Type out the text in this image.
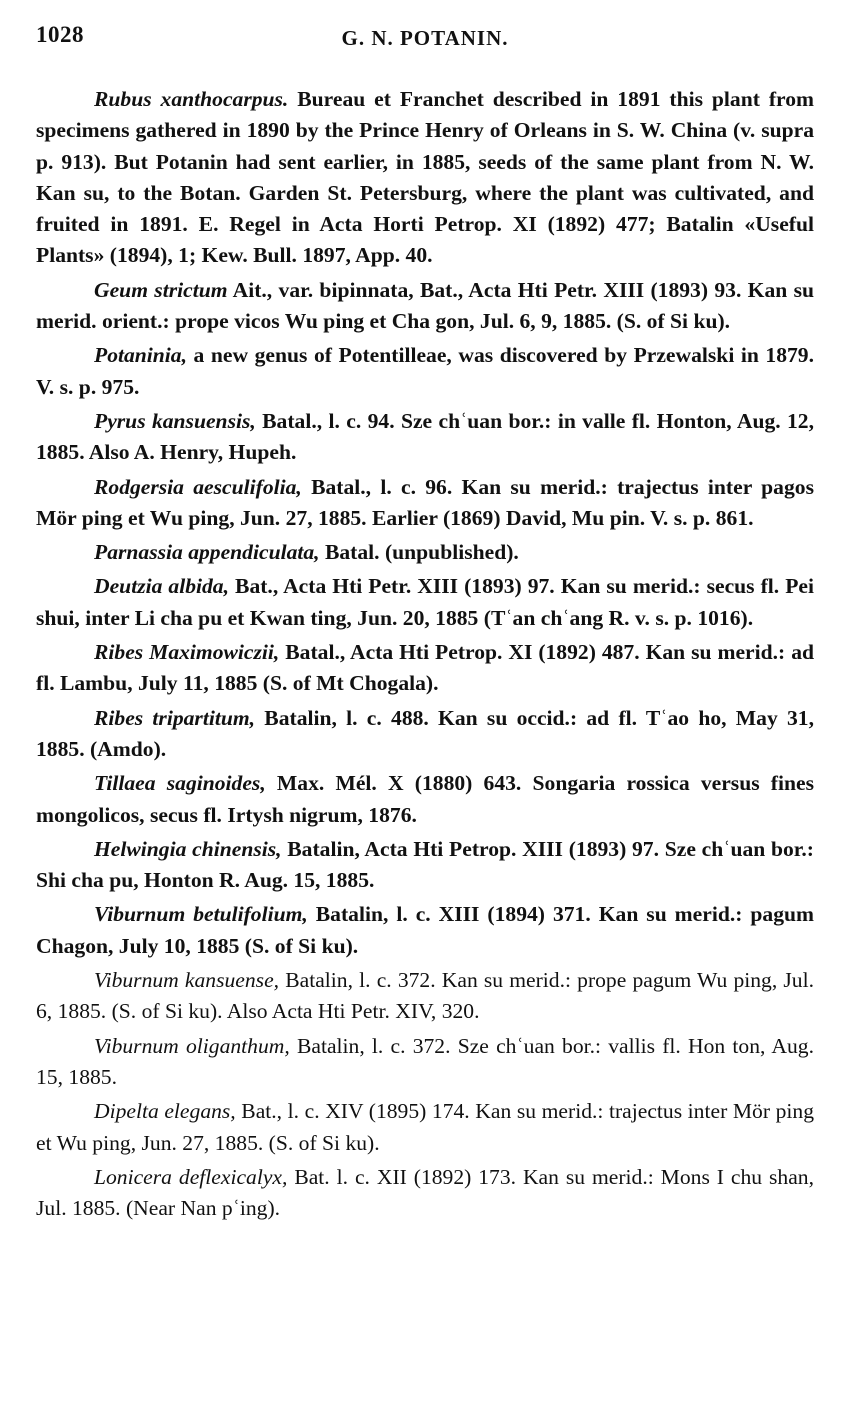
1028	G. N. POTANIN.

Rubus xanthocarpus. Bureau et Franchet described in 1891 this plant from specimens gathered in 1890 by the Prince Henry of Orleans in S. W. China (v. supra p. 913). But Potanin had sent earlier, in 1885, seeds of the same plant from N. W. Kan su, to the Botan. Garden St. Petersburg, where the plant was cultivated, and fruited in 1891. E. Regel in Acta Horti Petrop. XI (1892) 477; Batalin «Useful Plants» (1894), 1; Kew. Bull. 1897, App. 40.

Geum strictum Ait., var. bipinnata, Bat., Acta Hti Petr. XIII (1893) 93. Kan su merid. orient.: prope vicos Wu ping et Cha gon, Jul. 6, 9, 1885. (S. of Si ku).

Potaninia, a new genus of Potentilleae, was discovered by Przewalski in 1879. V. s. p. 975.

Pyrus kansuensis, Batal., l. c. 94. Sze chʿuan bor.: in valle fl. Honton, Aug. 12, 1885. Also A. Henry, Hupeh.

Rodgersia aesculifolia, Batal., l. c. 96. Kan su merid.: trajectus inter pagos Mör ping et Wu ping, Jun. 27, 1885. Earlier (1869) David, Mu pin. V. s. p. 861.

Parnassia appendiculata, Batal. (unpublished).

Deutzia albida, Bat., Acta Hti Petr. XIII (1893) 97. Kan su merid.: secus fl. Pei shui, inter Li cha pu et Kwan ting, Jun. 20, 1885 (Tʿan chʿang R. v. s. p. 1016).

Ribes Maximowiczii, Batal., Acta Hti Petrop. XI (1892) 487. Kan su merid.: ad fl. Lambu, July 11, 1885 (S. of Mt Chogala).

Ribes tripartitum, Batalin, l. c. 488. Kan su occid.: ad fl. Tʿao ho, May 31, 1885. (Amdo).

Tillaea saginoides, Max. Mél. X (1880) 643. Songaria rossica versus fines mongolicos, secus fl. Irtysh nigrum, 1876.

Helwingia chinensis, Batalin, Acta Hti Petrop. XIII (1893) 97. Sze chʿuan bor.: Shi cha pu, Honton R. Aug. 15, 1885.

Viburnum betulifolium, Batalin, l. c. XIII (1894) 371. Kan su merid.: pagum Chagon, July 10, 1885 (S. of Si ku).

Viburnum kansuense, Batalin, l. c. 372. Kan su merid.: prope pagum Wu ping, Jul. 6, 1885. (S. of Si ku). Also Acta Hti Petr. XIV, 320.

Viburnum oliganthum, Batalin, l. c. 372. Sze chʿuan bor.: vallis fl. Hon ton, Aug. 15, 1885.

Dipelta elegans, Bat., l. c. XIV (1895) 174. Kan su merid.: trajectus inter Mör ping et Wu ping, Jun. 27, 1885. (S. of Si ku).

Lonicera deflexicalyx, Bat. l. c. XII (1892) 173. Kan su merid.: Mons I chu shan, Jul. 1885. (Near Nan pʿing).
